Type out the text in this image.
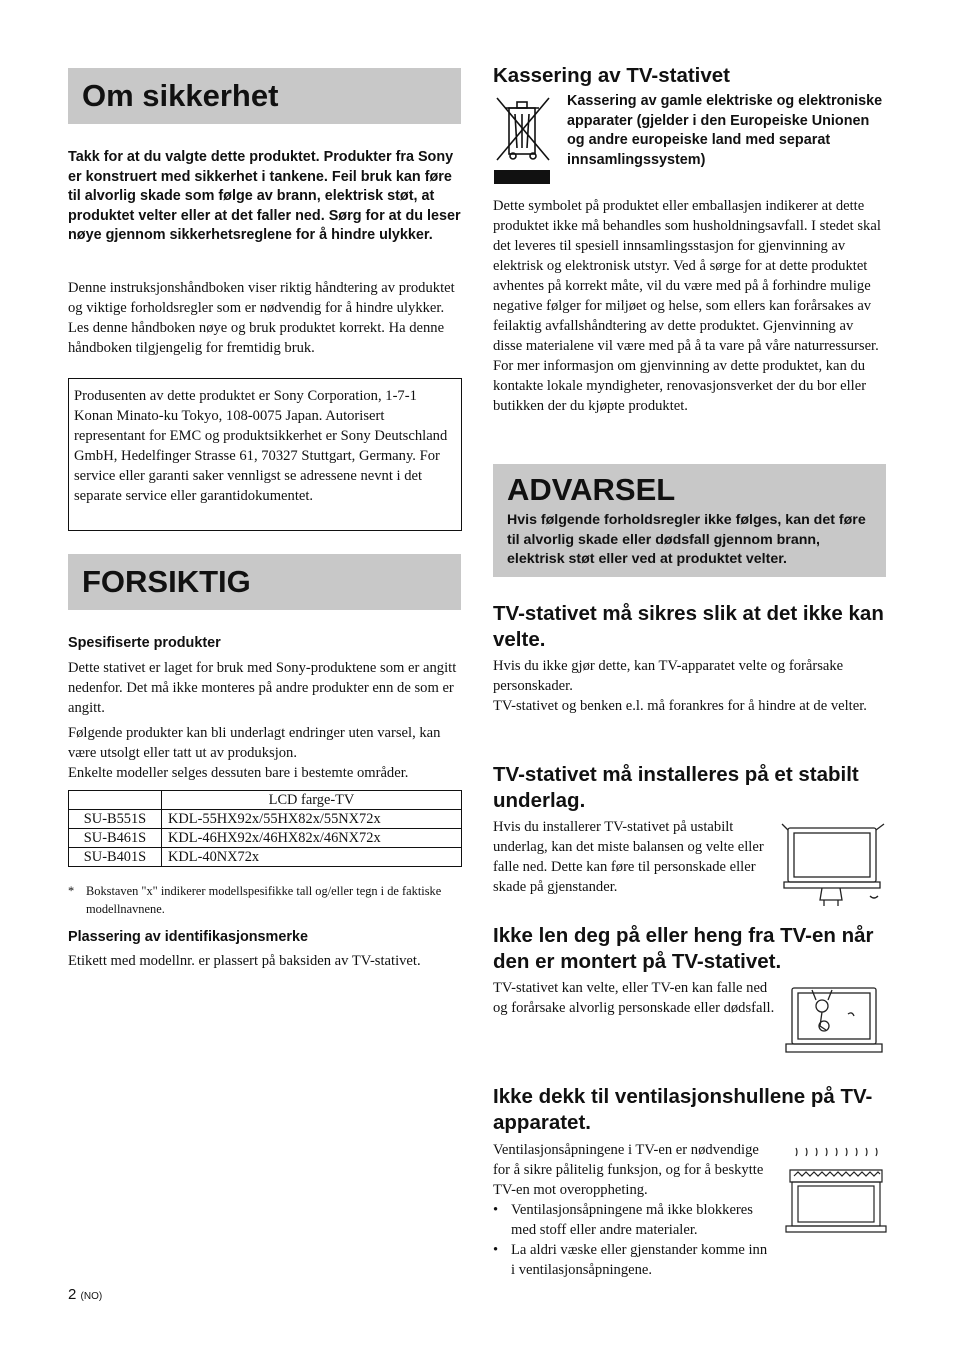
Om sikkerhet

Takk for at du valgte dette produktet. Produkter fra Sony er konstruert med sikkerhet i tankene. Feil bruk kan føre til alvorlig skade som følge av brann, elektrisk støt, at produktet velter eller at det faller ned. Sørg for at du leser nøye gjennom sikkerhetsreglene for å hindre ulykker.

Denne instruksjonshåndboken viser riktig håndtering av produktet og viktige forholdsregler som er nødvendig for å hindre ulykker. Les denne håndboken nøye og bruk produktet korrekt. Ha denne håndboken tilgjengelig for fremtidig bruk.

Produsenten av dette produktet er Sony Corporation, 1-7-1 Konan Minato-ku Tokyo, 108-0075 Japan. Autorisert representant for EMC og produktsikkerhet er Sony Deutschland GmbH, Hedelfinger Strasse 61, 70327 Stuttgart, Germany. For service eller garanti saker vennligst se adressene nevnt i det separate service eller garantidokumentet.

FORSIKTIG

Spesifiserte produkter

Dette stativet er laget for bruk med Sony-produktene som er angitt nedenfor. Det må ikke monteres på andre produkter enn de som er angitt.

Følgende produkter kan bli underlagt endringer uten varsel, kan være utsolgt eller tatt ut av produksjon.

Enkelte modeller selges dessuten bare i bestemte områder.

	LCD farge-TV
SU-B551S	KDL-55HX92x/55HX82x/55NX72x
SU-B461S	KDL-46HX92x/46HX82x/46NX72x
SU-B401S	KDL-40NX72x
* Bokstaven "x" indikerer modellspesifikke tall og/eller tegn i de faktiske modellnavnene.

Plassering av identifikasjonsmerke

Etikett med modellnr. er plassert på baksiden av TV-stativet.

Kassering av TV-stativet

Kassering av gamle elektriske og elektroniske apparater (gjelder i den Europeiske Unionen og andre europeiske land med separat innsamlingssystem)

Dette symbolet på produktet eller emballasjen indikerer at dette produktet ikke må behandles som husholdningsavfall. I stedet skal det leveres til spesiell innsamlingsstasjon for gjenvinning av elektrisk og elektronisk utstyr. Ved å sørge for at dette produktet avhentes på korrekt måte, vil du være med på å forhindre mulige negative følger for miljøet og helse, som ellers kan forårsakes av feilaktig avfallshåndtering av dette produktet. Gjenvinning av disse materialene vil være med på å ta vare på våre naturressurser. For mer informasjon om gjenvinning av dette produktet, kan du kontakte lokale myndigheter, renovasjonsverket der du bor eller butikken der du kjøpte produktet.

ADVARSEL

Hvis følgende forholdsregler ikke følges, kan det føre til alvorlig skade eller dødsfall gjennom brann, elektrisk støt eller ved at produktet velter.

TV-stativet må sikres slik at det ikke kan velte.

Hvis du ikke gjør dette, kan TV-apparatet velte og forårsake personskader.

TV-stativet og benken e.l. må forankres for å hindre at de velter.

TV-stativet må installeres på et stabilt underlag.

Hvis du installerer TV-stativet på ustabilt underlag, kan det miste balansen og velte eller falle ned. Dette kan føre til personskade eller skade på gjenstander.

Ikke len deg på eller heng fra TV-en når den er montert på TV-stativet.

TV-stativet kan velte, eller TV-en kan falle ned og forårsake alvorlig personskade eller dødsfall.

Ikke dekk til ventilasjonshullene på TV-apparatet.

Ventilasjonsåpningene i TV-en er nødvendige for å sikre pålitelig funksjon, og for å beskytte TV-en mot overoppheting.

• Ventilasjonsåpningene må ikke blokkeres med stoff eller andre materialer.
• La aldri væske eller gjenstander komme inn i ventilasjonsåpningene.
2 (NO)
